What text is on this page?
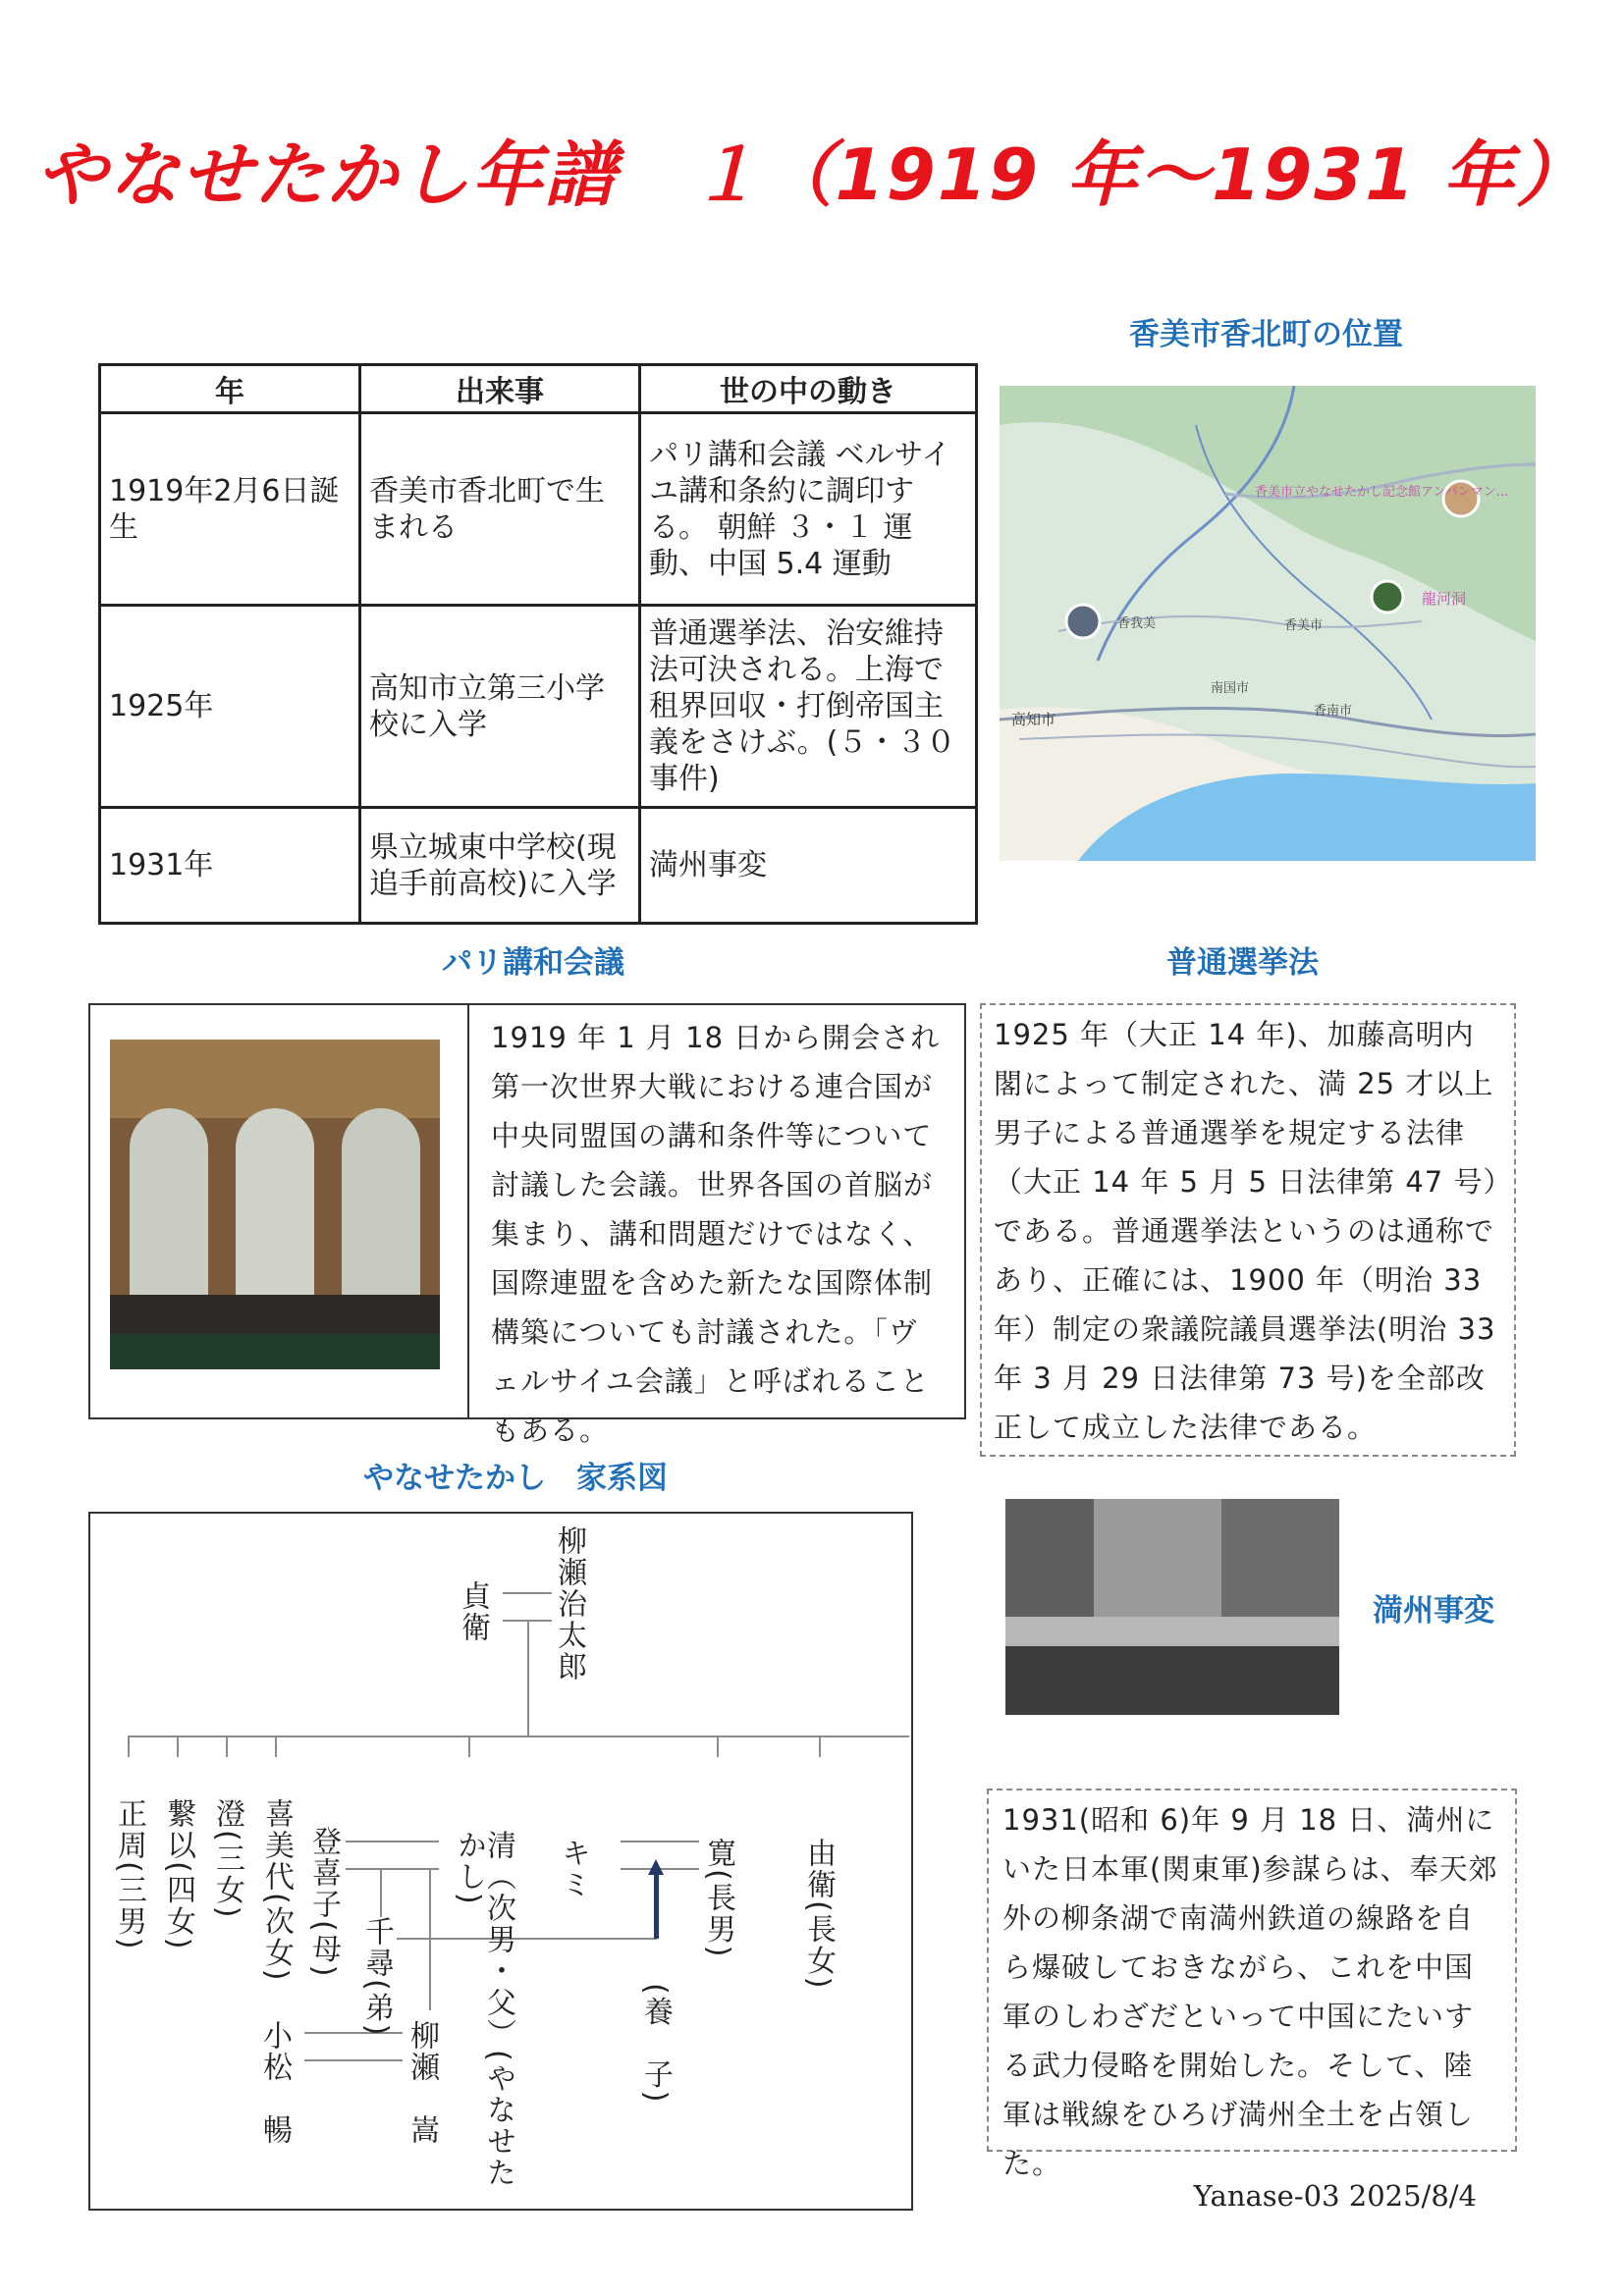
やなせたかし年譜　１（1919 年～1931 年）
年	出来事	世の中の動き
1919年2月6日誕生	香美市香北町で生まれる	パリ講和会議 ベルサイユ講和条約に調印する。 朝鮮 ３・１ 運動、中国 5.4 運動
1925年	高知市立第三小学校に入学	普通選挙法、治安維持法可決される。上海で租界回収・打倒帝国主義をさけぶ。(５・３０事件)
1931年	県立城東中学校(現追手前高校)に入学	満州事変
香美市香北町の位置
香美市立やなせたかし記念館アンパンマン…
龍河洞
香我美	香美市
南国市
香南市
高知市
パリ講和会議
1919 年 1 月 18 日から開会され第一次世界大戦における連合国が中央同盟国の講和条件等について討議した会議。世界各国の首脳が集まり、講和問題だけではなく、国際連盟を含めた新たな国際体制構築についても討議された。「ヴェルサイユ会議」と呼ばれることもある。
普通選挙法
1925 年（大正 14 年)、加藤高明内閣によって制定された、満 25 才以上男子による普通選挙を規定する法律（大正 14 年 5 月 5 日法律第 47 号）である。普通選挙法というのは通称であり、正確には、1900 年（明治 33 年）制定の衆議院議員選挙法(明治 33 年 3 月 29 日法律第 73 号)を全部改正して成立した法律である。
満州事変
1931(昭和 6)年 9 月 18 日、満州にいた日本軍(関東軍)参謀らは、奉天郊外の柳条湖で南満州鉄道の線路を自ら爆破しておきながら、これを中国軍のしわざだといって中国にたいする武力侵略を開始した。そして、陸軍は戦線をひろげ満州全土を占領した。
やなせたかし　家系図
柳瀬治太郎
貞衛
清（次男・父）(やなせたかし)	キミ	寛(長男) 由衛(長女)
喜美代(次女)
澄(三女)
繋以(四女)
正周(三男)	登喜子(母) 千尋(弟)
(養　子)
柳瀬　嵩
小松　暢
Yanase-03 2025/8/4
